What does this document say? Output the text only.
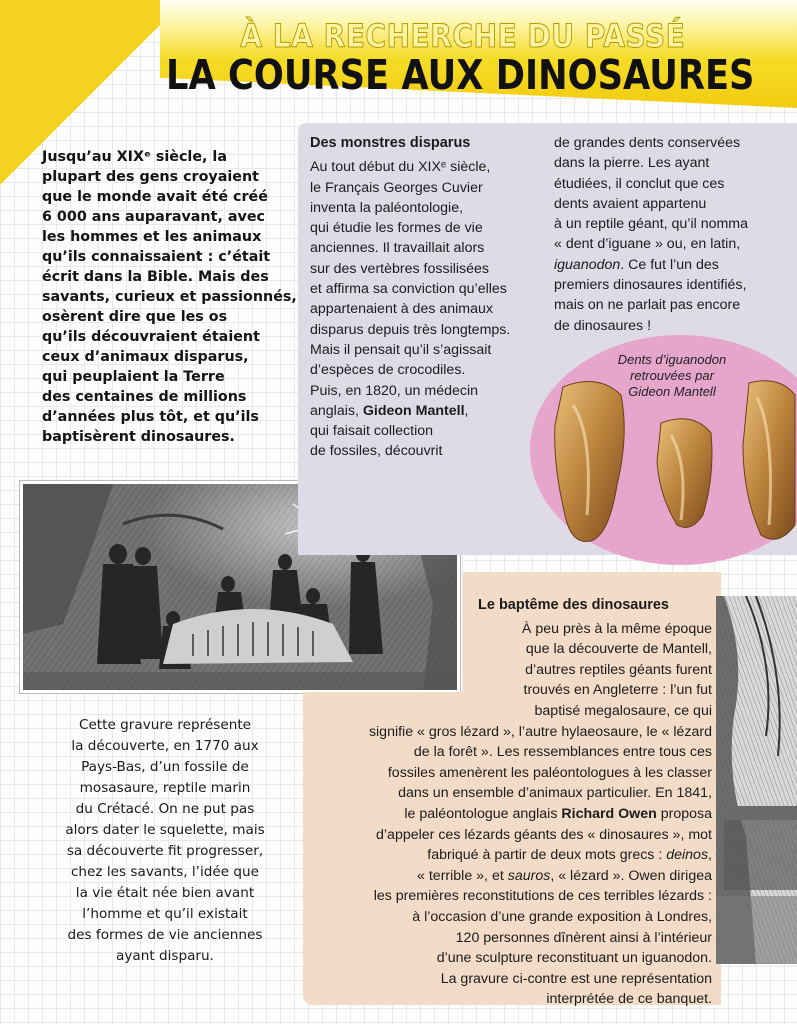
À LA RECHERCHE DU PASSÉ
LA COURSE AUX DINOSAURES
Jusqu’au XIXᵉ siècle, la
plupart des gens croyaient
que le monde avait été créé
6 000 ans auparavant, avec
les hommes et les animaux
qu’ils connaissaient : c’était
écrit dans la Bible. Mais des
savants, curieux et passionnés,
osèrent dire que les os
qu’ils découvraient étaient
ceux d’animaux disparus,
qui peuplaient la Terre
des centaines de millions
d’années plus tôt, et qu’ils
baptisèrent dinosaures.
Cette gravure représente
la découverte, en 1770 aux
Pays-Bas, d’un fossile de
mosasaure, reptile marin
du Crétacé. On ne put pas
alors dater le squelette, mais
sa découverte fit progresser,
chez les savants, l’idée que
la vie était née bien avant
l’homme et qu’il existait
des formes de vie anciennes
ayant disparu.
Des monstres disparus
Au tout début du XIXᵉ siècle,
le Français Georges Cuvier
inventa la paléontologie,
qui étudie les formes de vie
anciennes. Il travaillait alors
sur des vertèbres fossilisées
et affirma sa conviction qu’elles
appartenaient à des animaux
disparus depuis très longtemps.
Mais il pensait qu’il s’agissait
d’espèces de crocodiles.
Puis, en 1820, un médecin
anglais, Gideon Mantell,
qui faisait collection
de fossiles, découvrit
de grandes dents conservées
dans la pierre. Les ayant
étudiées, il conclut que ces
dents avaient appartenu
à un reptile géant, qu’il nomma
« dent d’iguane » ou, en latin,
iguanodon. Ce fut l’un des
premiers dinosaures identifiés,
mais on ne parlait pas encore
de dinosaures !
Dents d’iguanodon
retrouvées par
Gideon Mantell
Le baptême des dinosaures
À peu près à la même époque
que la découverte de Mantell,
d’autres reptiles géants furent
trouvés en Angleterre : l’un fut
baptisé megalosaure, ce qui
signifie « gros lézard », l’autre hylaeosaure, le « lézard
de la forêt ». Les ressemblances entre tous ces
fossiles amenèrent les paléontologues à les classer
dans un ensemble d’animaux particulier. En 1841,
le paléontologue anglais Richard Owen proposa
d’appeler ces lézards géants des « dinosaures », mot
fabriqué à partir de deux mots grecs : deinos,
« terrible », et sauros, « lézard ». Owen dirigea
les premières reconstitutions de ces terribles lézards :
à l’occasion d’une grande exposition à Londres,
120 personnes dînèrent ainsi à l’intérieur
d’une sculpture reconstituant un iguanodon.
La gravure ci-contre est une représentation
interprétée de ce banquet.
